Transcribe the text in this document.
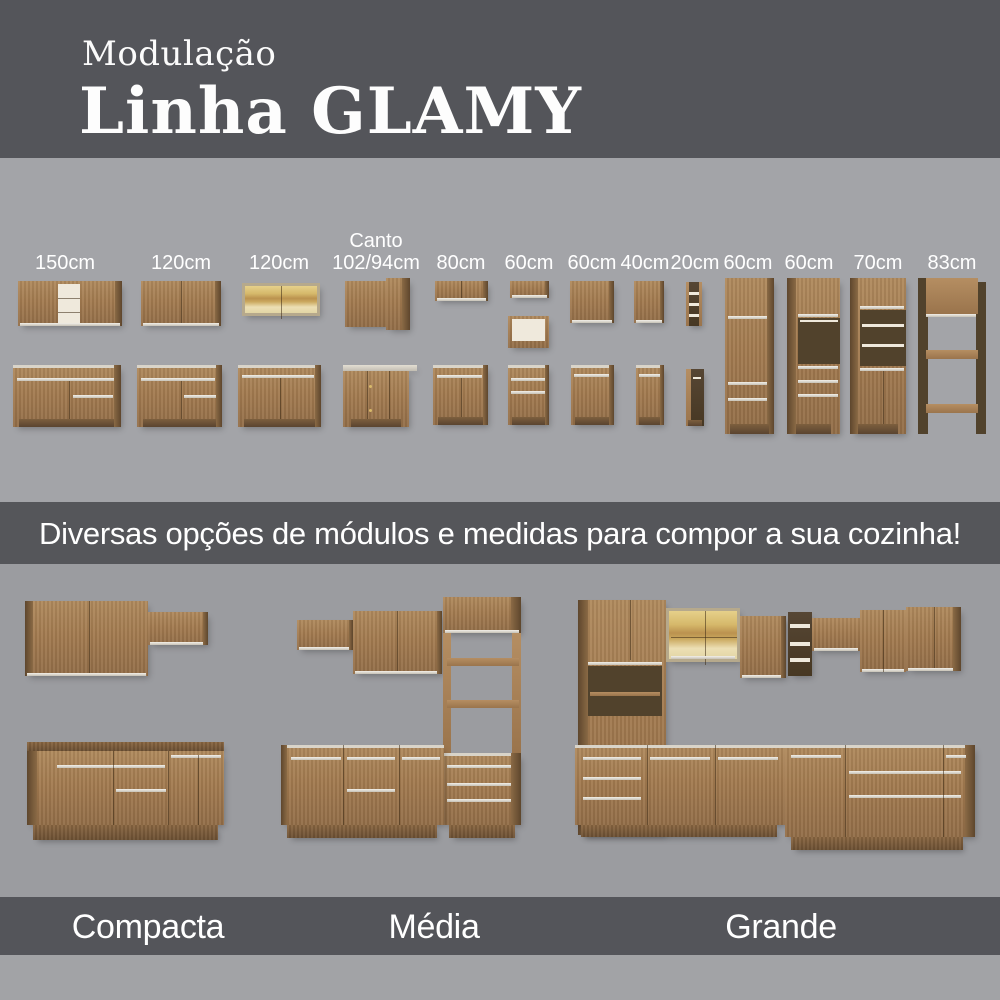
Modulação
Linha GLAMY
150cm	120cm 120cm
Canto
102/94cm 80cm 60cm 60cm 40cm 20cm 60cm 60cm 70cm 83cm
Diversas opções de módulos e medidas para compor a sua cozinha!
Compacta	Média	Grande
